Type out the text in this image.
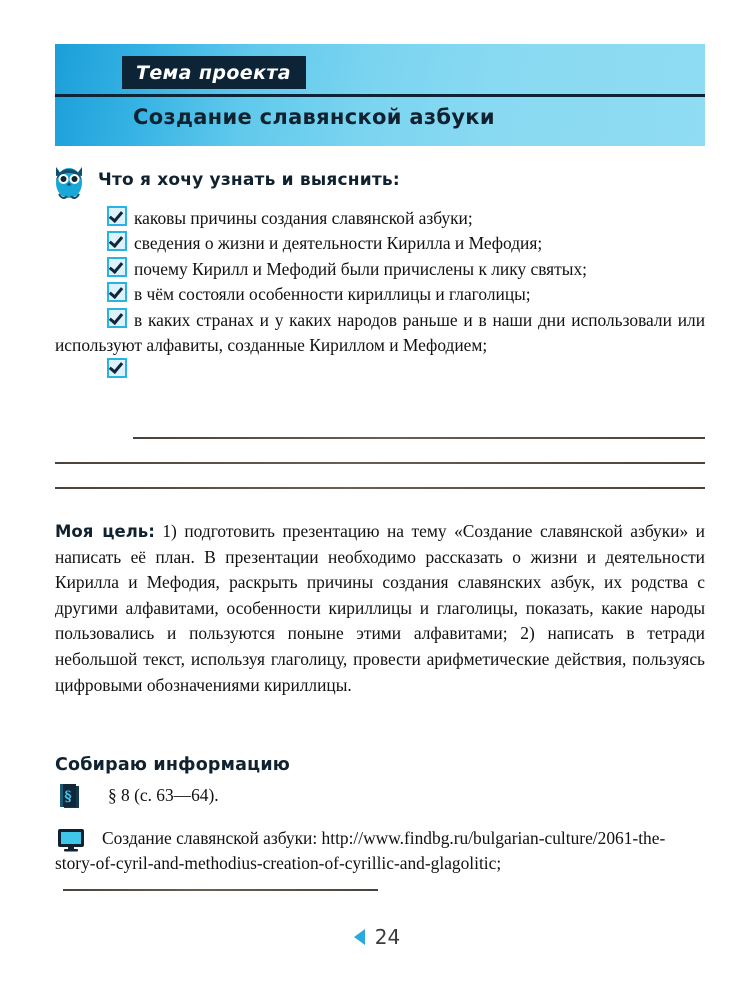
Тема проекта
Создание славянской азбуки
Что я хочу узнать и выяснить:

каковы причины создания славянской азбуки;

сведения о жизни и деятельности Кирилла и Мефодия;

почему Кирилл и Мефодий были причислены к лику святых;

в чём состояли особенности кириллицы и глаголицы;

в каких странах и у каких народов раньше и в наши дни использовали или используют алфавиты, созданные Кириллом и Мефодием;

Моя цель: 1) подготовить презентацию на тему «Создание славянской азбуки» и написать её план. В презентации необходимо рассказать о жизни и деятельности Кирилла и Мефодия, раскрыть причины создания славянских азбук, их родства с другими алфавитами, особенности кириллицы и глаголицы, показать, какие народы пользовались и пользуются поныне этими алфавитами; 2) написать в тетради небольшой текст, используя глаголицу, провести арифметические действия, пользуясь цифровыми обозначениями кириллицы.
Собираю информацию
§ § 8 (с. 63—64).
Создание славянской азбуки: http://www.findbg.ru/bulgarian-culture/2061-the-story-of-cyril-and-methodius-creation-of-cyrillic-and-glagolitic;
24
